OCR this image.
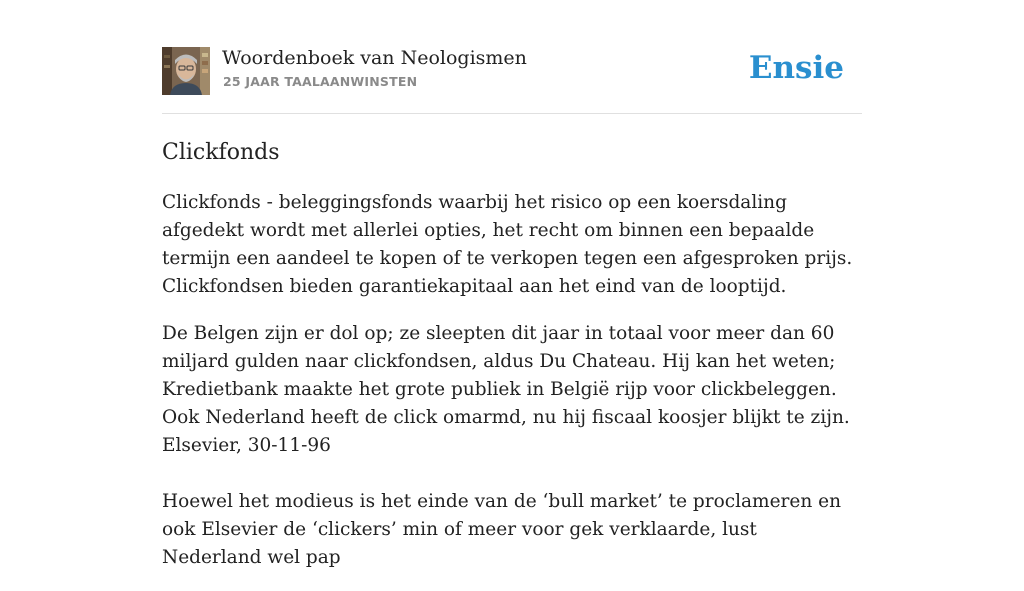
Woordenboek van Neologismen
25 JAAR TAALAANWINSTEN	Ensie
Clickfonds

Clickfonds - beleggingsfonds waarbij het risico op een koersdaling afgedekt wordt met allerlei opties, het recht om binnen een bepaalde termijn een aandeel te kopen of te verkopen tegen een afgesproken prijs. Clickfondsen bieden garantiekapitaal aan het eind van de looptijd.

De Belgen zijn er dol op; ze sleepten dit jaar in totaal voor meer dan 60 miljard gulden naar clickfondsen, aldus Du Chateau. Hij kan het weten; Kredietbank maakte het grote publiek in België rijp voor clickbeleggen. Ook Nederland heeft de click omarmd, nu hij fiscaal koosjer blijkt te zijn. Elsevier, 30-11-96

Hoewel het modieus is het einde van de ‘bull market’ te proclameren en ook Elsevier de ‘clickers’ min of meer voor gek verklaarde, lust Nederland wel pap
